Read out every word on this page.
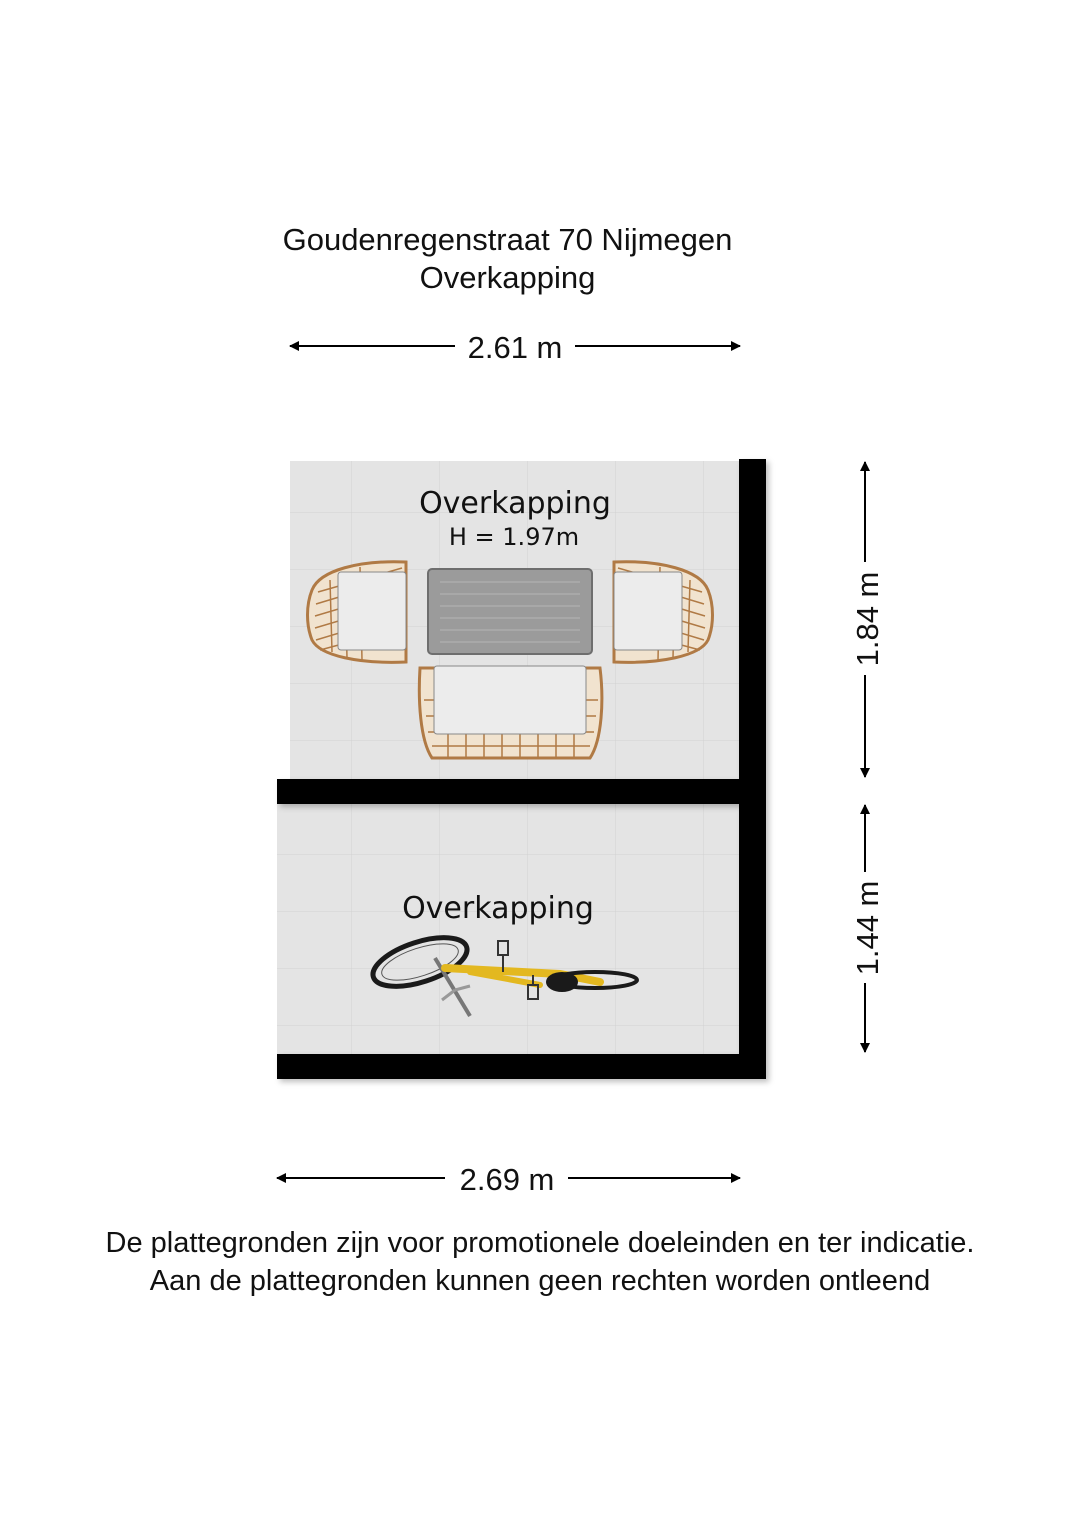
Goudenregenstraat 70 Nijmegen
Overkapping
2.61 m
Overkapping
H = 1.97m
Overkapping
1.84 m
1.44 m
2.69 m
De plattegronden zijn voor promotionele doeleinden en ter indicatie.
Aan de plattegronden kunnen geen rechten worden ontleend
